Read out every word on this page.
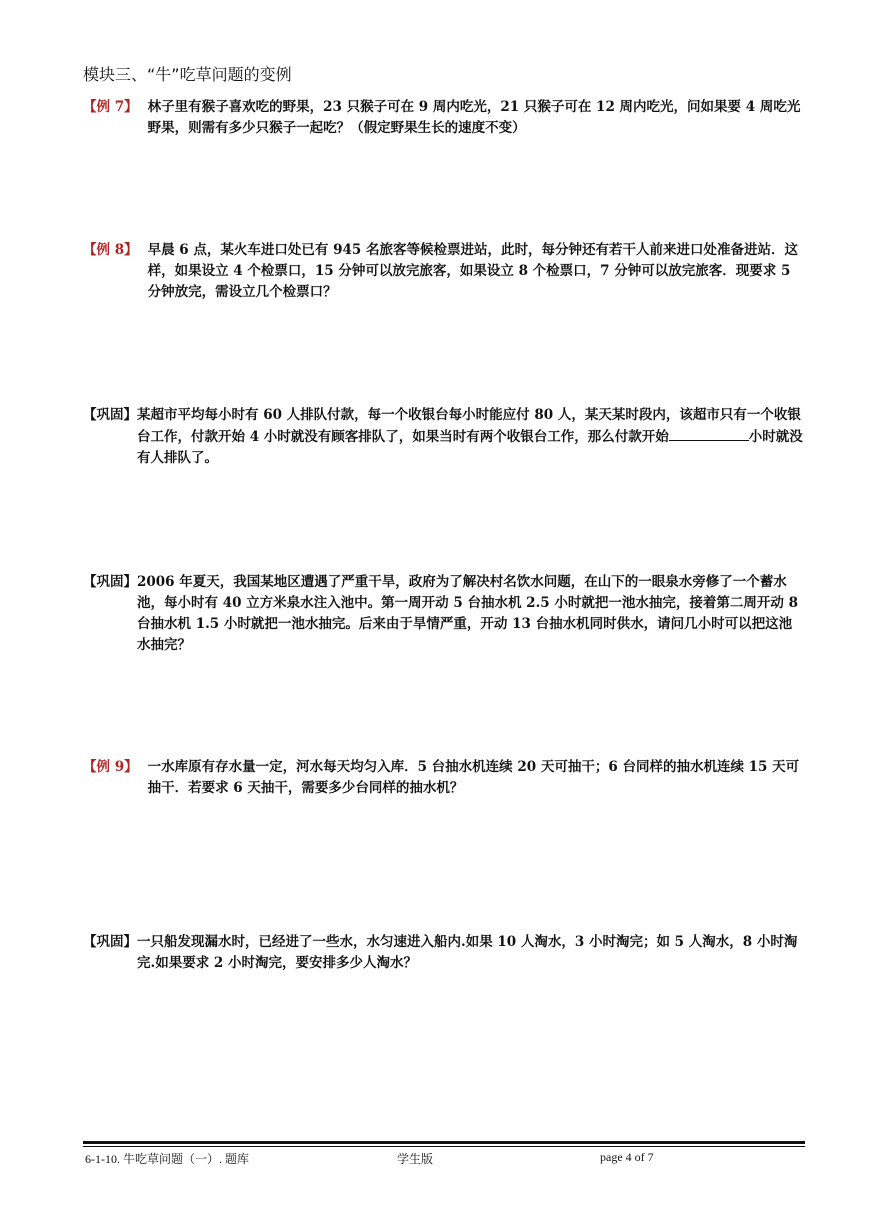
模块三、“牛”吃草问题的变例
【例 7】 林子里有猴子喜欢吃的野果，23 只猴子可在 9 周内吃光，21 只猴子可在 12 周内吃光，问如果要 4 周吃光野果，则需有多少只猴子一起吃？（假定野果生长的速度不变）
【例 8】 早晨 6 点，某火车进口处已有 945 名旅客等候检票进站，此时，每分钟还有若干人前来进口处准备进站．这样，如果设立 4 个检票口，15 分钟可以放完旅客，如果设立 8 个检票口，7 分钟可以放完旅客．现要求 5 分钟放完，需设立几个检票口？
【巩固】 某超市平均每小时有 60 人排队付款，每一个收银台每小时能应付 80 人，某天某时段内，该超市只有一个收银台工作，付款开始 4 小时就没有顾客排队了，如果当时有两个收银台工作，那么付款开始	小时就没有人排队了。
【巩固】 2006 年夏天，我国某地区遭遇了严重干旱，政府为了解决村名饮水问题，在山下的一眼泉水旁修了一个蓄水池，每小时有 40 立方米泉水注入池中。第一周开动 5 台抽水机 2.5 小时就把一池水抽完，接着第二周开动 8 台抽水机 1.5 小时就把一池水抽完。后来由于旱情严重，开动 13 台抽水机同时供水，请问几小时可以把这池水抽完？
【例 9】 一水库原有存水量一定，河水每天均匀入库．5 台抽水机连续 20 天可抽干；6 台同样的抽水机连续 15 天可抽干．若要求 6 天抽干，需要多少台同样的抽水机？
【巩固】 一只船发现漏水时，已经进了一些水，水匀速进入船内.如果 10 人淘水，3 小时淘完；如 5 人淘水，8 小时淘完.如果要求 2 小时淘完，要安排多少人淘水？
6-1-10. 牛吃草问题（一）. 题库	学生版	page 4 of 7
